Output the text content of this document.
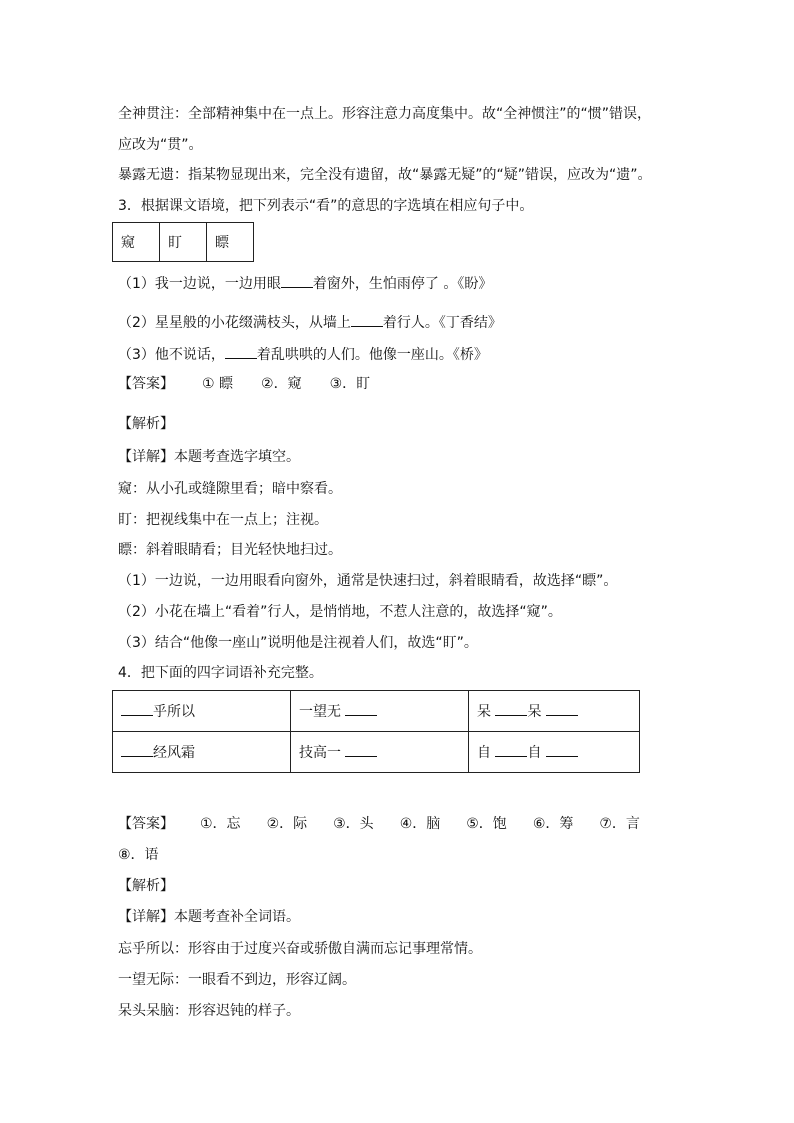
全神贯注：全部精神集中在一点上。形容注意力高度集中。故“全神惯注”的“惯”错误，
应改为“贯”。
暴露无遗：指某物显现出来，完全没有遗留，故“暴露无疑”的“疑”错误，应改为“遗”。
3．根据课文语境，把下列表示“看”的意思的字选填在相应句子中。
窥	盯	瞟
（1）我一边说，一边用眼 着窗外，生怕雨停了 。《盼》
（2）星星般的小花缀满枝头，从墙上 着行人。《丁香结》
（3）他不说话， 着乱哄哄的人们。他像一座山。《桥》
【答案】 ① 瞟 ②．窥 ③．盯
【解析】
【详解】本题考查选字填空。
窥：从小孔或缝隙里看；暗中察看。
盯：把视线集中在一点上；注视。
瞟：斜着眼睛看；目光轻快地扫过。
（1）一边说，一边用眼看向窗外，通常是快速扫过，斜着眼睛看，故选择“瞟”。
（2）小花在墙上“看着”行人，是悄悄地，不惹人注意的，故选择“窥”。
（3）结合“他像一座山”说明他是注视着人们，故选“盯”。
4．把下面的四字词语补充完整。
乎所以	一望无	呆 呆
经风霜	技高一	自 自
【答案】 ①．忘 ②．际 ③．头 ④．脑 ⑤．饱 ⑥．筹 ⑦．言
⑧．语
【解析】
【详解】本题考查补全词语。
忘乎所以：形容由于过度兴奋或骄傲自满而忘记事理常情。
一望无际：一眼看不到边，形容辽阔。
呆头呆脑：形容迟钝的样子。
